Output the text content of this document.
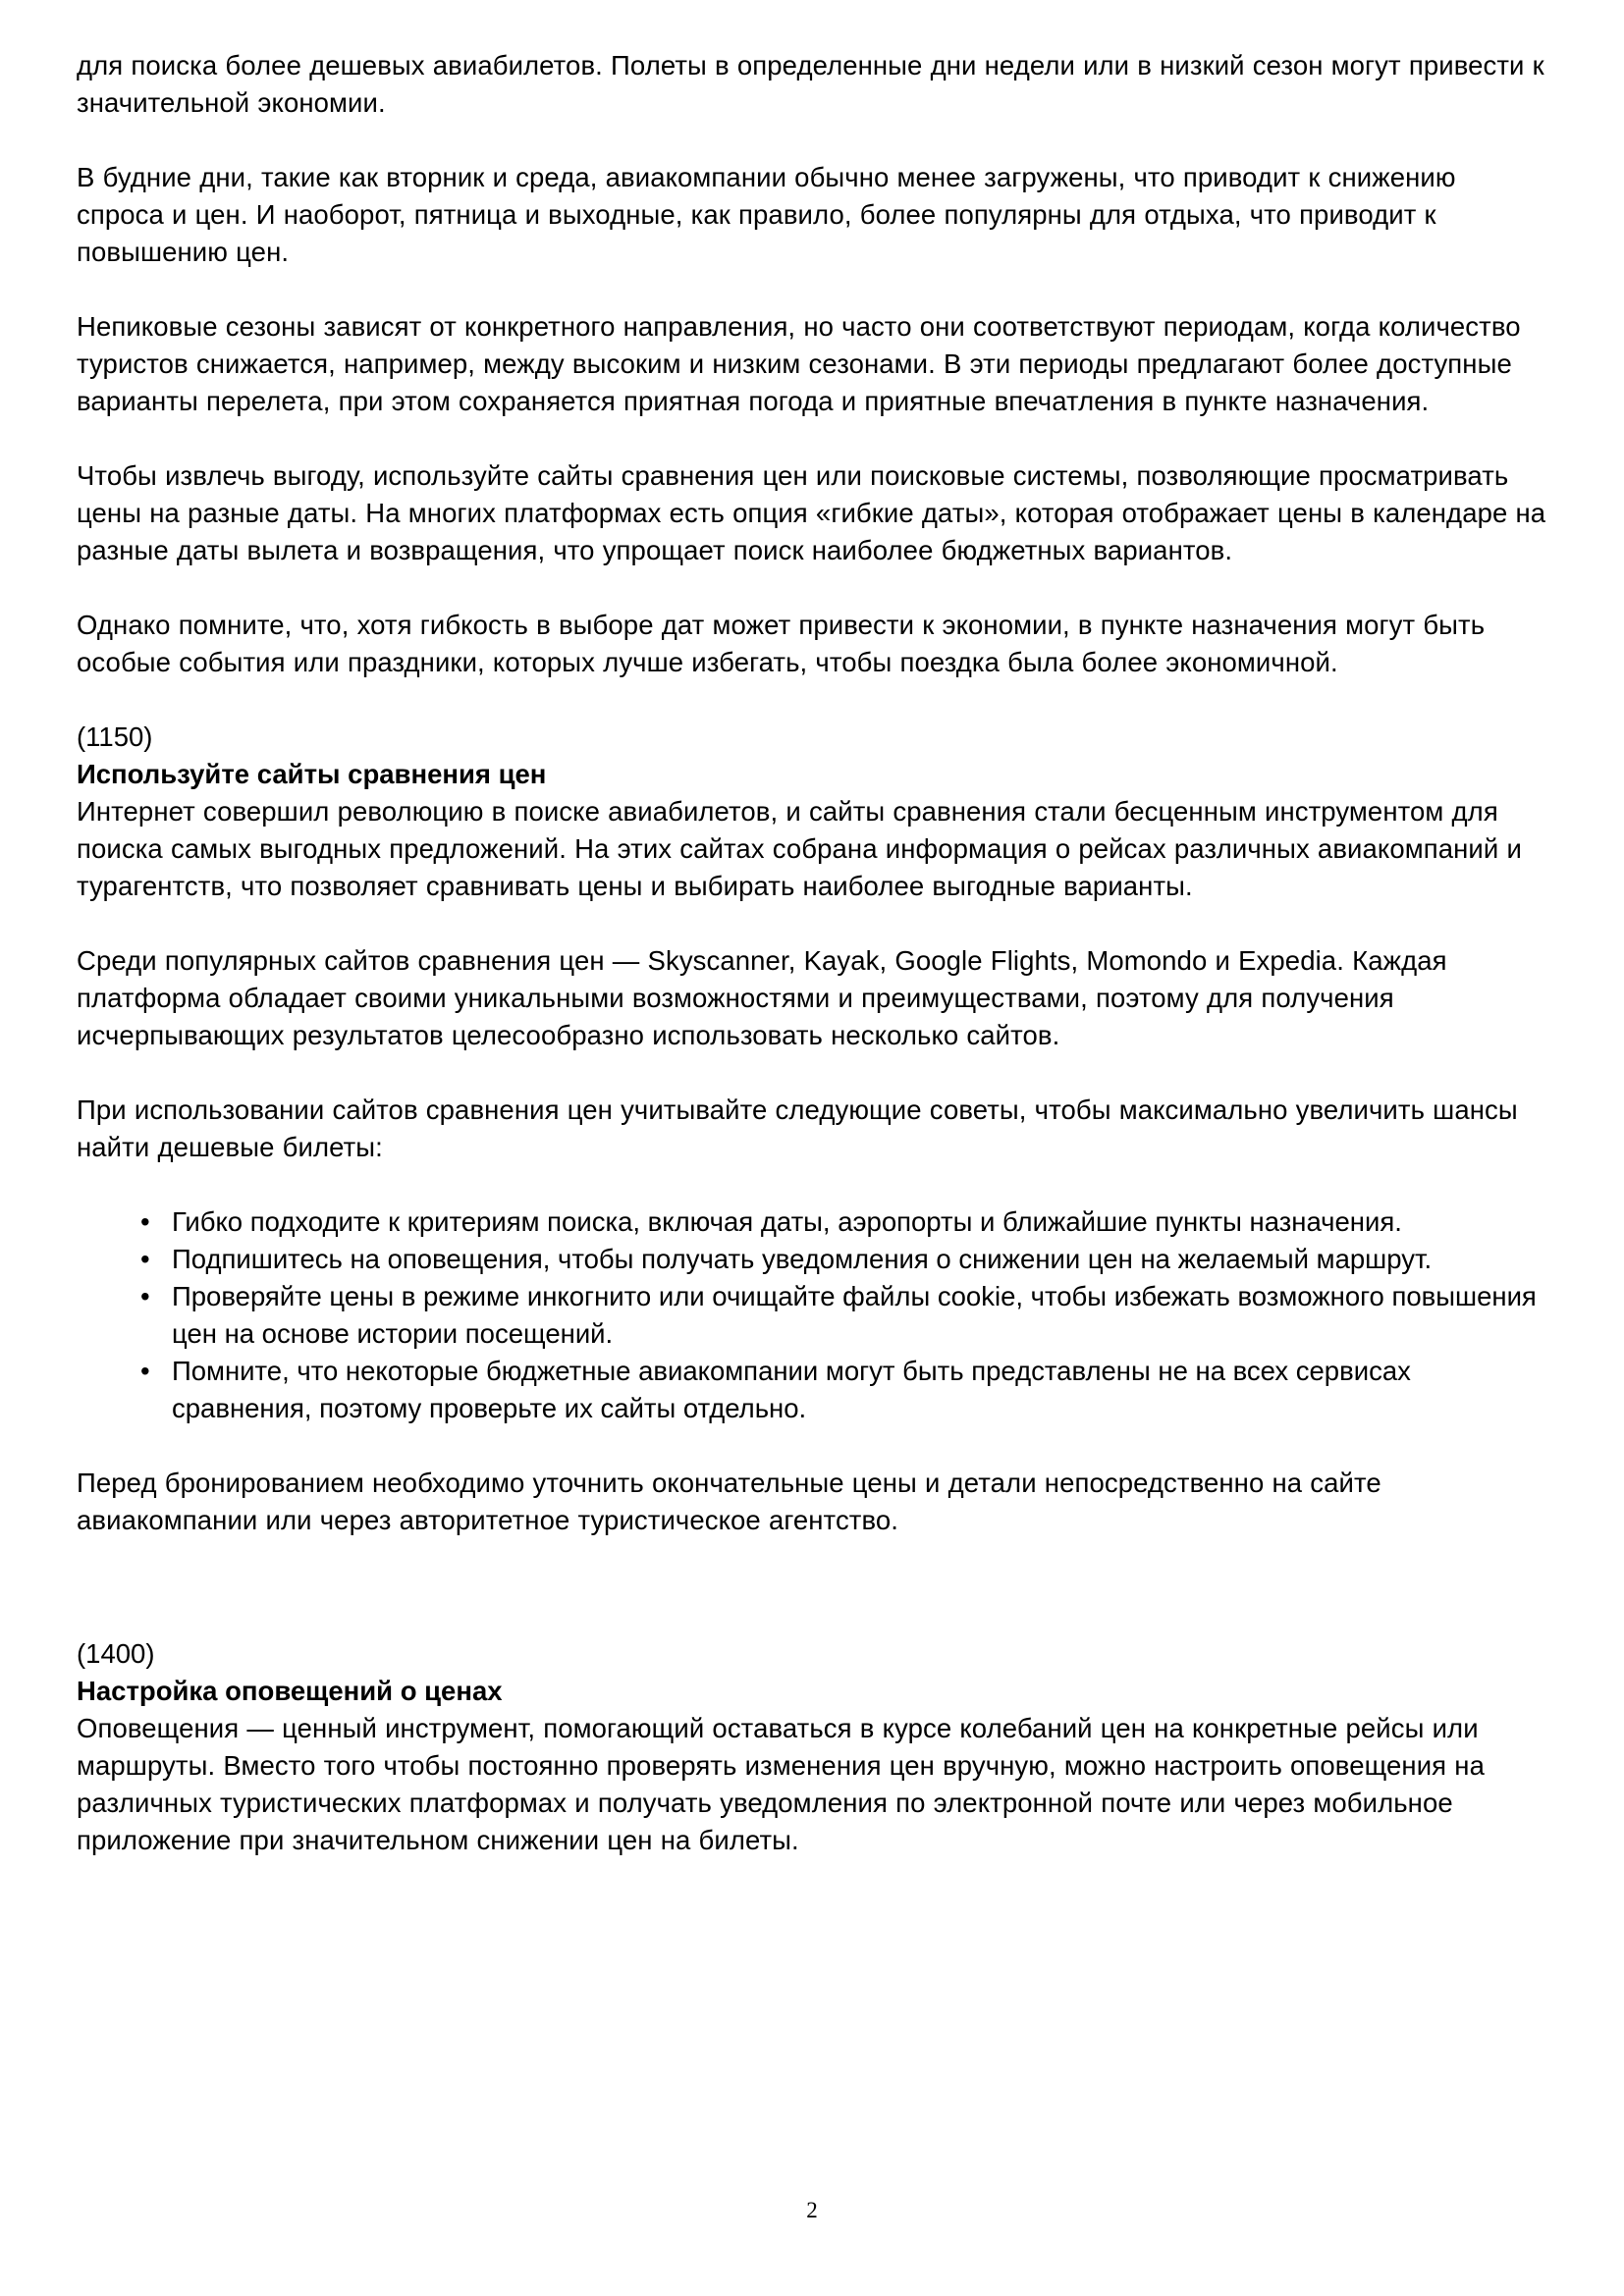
для поиска более дешевых авиабилетов. Полеты в определенные дни недели или в низкий сезон могут привести к значительной экономии.

В будние дни, такие как вторник и среда, авиакомпании обычно менее загружены, что приводит к снижению спроса и цен. И наоборот, пятница и выходные, как правило, более популярны для отдыха, что приводит к повышению цен.

Непиковые сезоны зависят от конкретного направления, но часто они соответствуют периодам, когда количество туристов снижается, например, между высоким и низким сезонами. В эти периоды предлагают более доступные варианты перелета, при этом сохраняется приятная погода и приятные впечатления в пункте назначения.

Чтобы извлечь выгоду, используйте сайты сравнения цен или поисковые системы, позволяющие просматривать цены на разные даты. На многих платформах есть опция «гибкие даты», которая отображает цены в календаре на разные даты вылета и возвращения, что упрощает поиск наиболее бюджетных вариантов.

Однако помните, что, хотя гибкость в выборе дат может привести к экономии, в пункте назначения могут быть особые события или праздники, которых лучше избегать, чтобы поездка была более экономичной.

(1150)

Используйте сайты сравнения цен

Интернет совершил революцию в поиске авиабилетов, и сайты сравнения стали бесценным инструментом для поиска самых выгодных предложений. На этих сайтах собрана информация о рейсах различных авиакомпаний и турагентств, что позволяет сравнивать цены и выбирать наиболее выгодные варианты.

Среди популярных сайтов сравнения цен — Skyscanner, Kayak, Google Flights, Momondo и Expedia. Каждая платформа обладает своими уникальными возможностями и преимуществами, поэтому для получения исчерпывающих результатов целесообразно использовать несколько сайтов.

При использовании сайтов сравнения цен учитывайте следующие советы, чтобы максимально увеличить шансы найти дешевые билеты:

• Гибко подходите к критериям поиска, включая даты, аэропорты и ближайшие пункты назначения.
• Подпишитесь на оповещения, чтобы получать уведомления о снижении цен на желаемый маршрут.
• Проверяйте цены в режиме инкогнито или очищайте файлы cookie, чтобы избежать возможного повышения цен на основе истории посещений.
• Помните, что некоторые бюджетные авиакомпании могут быть представлены не на всех сервисах сравнения, поэтому проверьте их сайты отдельно.

Перед бронированием необходимо уточнить окончательные цены и детали непосредственно на сайте авиакомпании или через авторитетное туристическое агентство.

(1400)

Настройка оповещений о ценах

Оповещения — ценный инструмент, помогающий оставаться в курсе колебаний цен на конкретные рейсы или маршруты. Вместо того чтобы постоянно проверять изменения цен вручную, можно настроить оповещения на различных туристических платформах и получать уведомления по электронной почте или через мобильное приложение при значительном снижении цен на билеты.

2
